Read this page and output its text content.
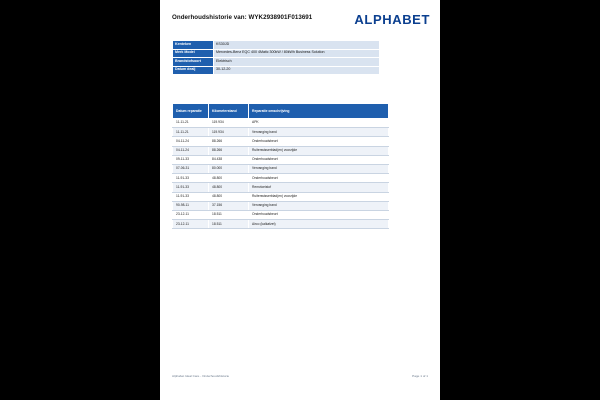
Onderhoudshistorie van: WYK2938901F013691	ALPHABET
Kenteken	KS30JD
Merk Model	Mercedes-Benz EQC 400 4Matic 300kW / 80kWh Business Solution
Brandstofsoort	Elektrisch
Datum dealj	30-12-20
Datum reparatie	Kilometerstand	Reparatie omschrijving
11-11-21	119.934	APK
11-11-21	119.934	Vervanging band
04-11-24	88.266	Onderhoudsbeurt
04-11-24	88.266	Ruitenwisserblad(en) voorzijde
09-11-33	84.438	Onderhoudsbeurt
07-06-31	80.000	Vervanging band
11-91-33	48.800	Onderhoudsbeurt
11-91-33	48.800	Remvloeistof
11-91-33	48.800	Ruitenwisserblad(en) voorzijde
90-98-11	37.156	Vervanging band
23-12-11	18.511	Onderhoudsbeurt
23-12-11	18.511	Airco (kalkafzet)
Alphabet Ideal Care - Onderhoudshistorie	Page 1 of 1
